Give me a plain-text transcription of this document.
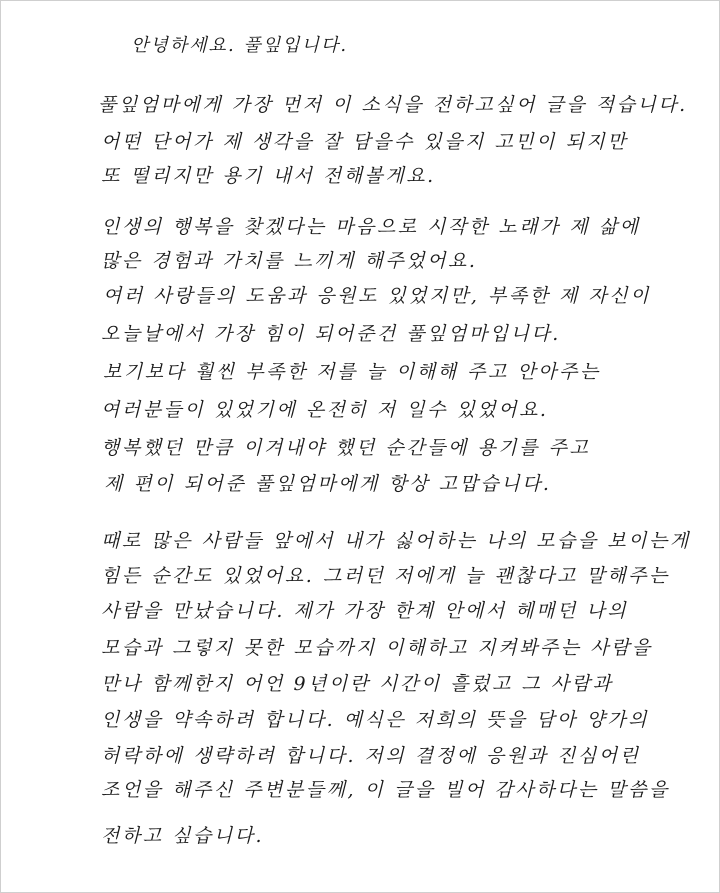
안녕하세요. 풀잎입니다.
풀잎엄마에게 가장 먼저 이 소식을 전하고싶어 글을 적습니다.
어떤 단어가 제 생각을 잘 담을수 있을지 고민이 되지만
또 떨리지만 용기 내서 전해볼게요.
인생의 행복을 찾겠다는 마음으로 시작한 노래가 제 삶에
많은 경험과 가치를 느끼게 해주었어요.
여러 사랑들의 도움과 응원도 있었지만, 부족한 제 자신이
오늘날에서 가장 힘이 되어준건 풀잎엄마입니다.
보기보다 훨씬 부족한 저를 늘 이해해 주고 안아주는
여러분들이 있었기에 온전히 저 일수 있었어요.
행복했던 만큼 이겨내야 했던 순간들에 용기를 주고
제 편이 되어준 풀잎엄마에게 항상 고맙습니다.
때로 많은 사람들 앞에서 내가 싫어하는 나의 모습을 보이는게
힘든 순간도 있었어요. 그러던 저에게 늘 괜찮다고 말해주는
사람을 만났습니다. 제가 가장 한계 안에서 헤매던 나의
모습과 그렇지 못한 모습까지 이해하고 지켜봐주는 사람을
만나 함께한지 어언 9년이란 시간이 흘렀고 그 사람과
인생을 약속하려 합니다. 예식은 저희의 뜻을 담아 양가의
허락하에 생략하려 합니다. 저의 결정에 응원과 진심어린
조언을 해주신 주변분들께, 이 글을 빌어 감사하다는 말씀을
전하고 싶습니다.
